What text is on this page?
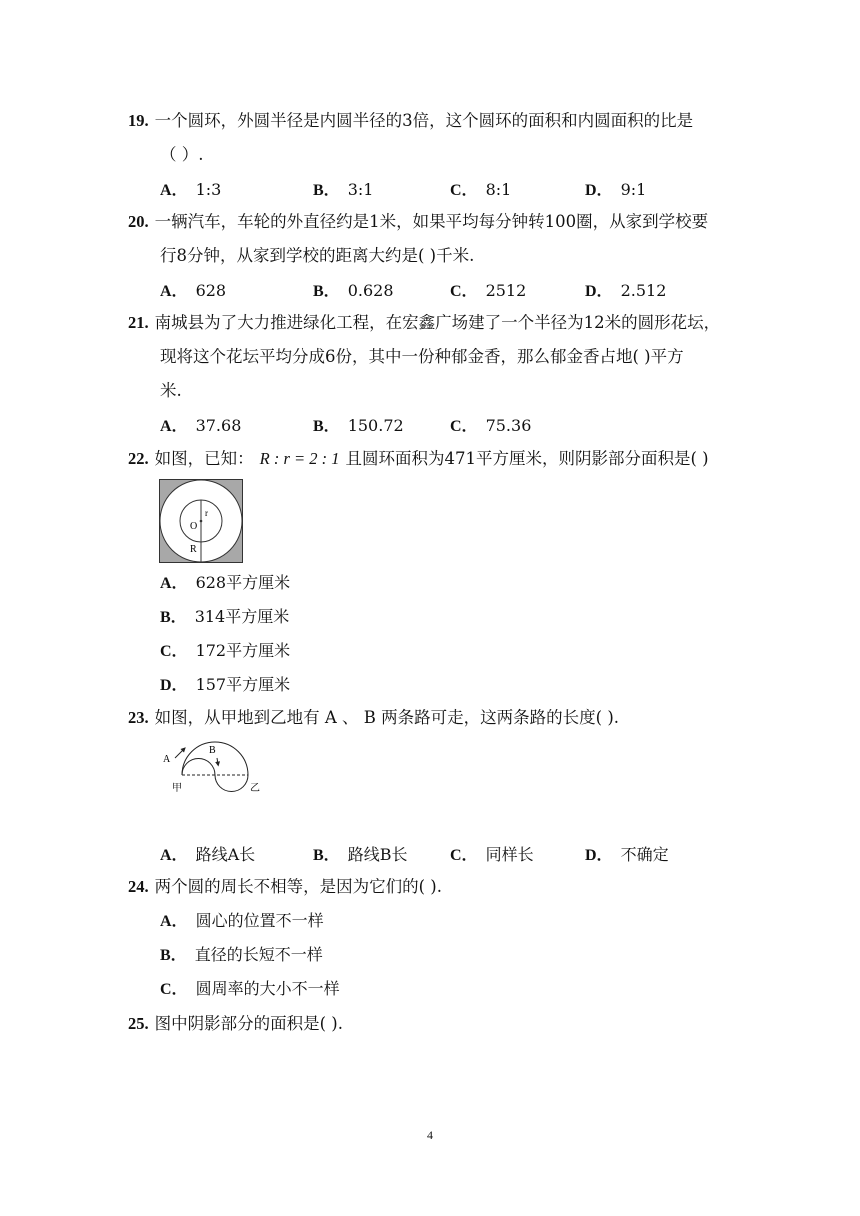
19. 一个圆环，外圆半径是内圆半径的3倍，这个圆环的面积和内圆面积的比是
（ ）.
A． 1:3	B． 3:1	C． 8:1	D． 9:1
20. 一辆汽车，车轮的外直径约是1米，如果平均每分钟转100圈，从家到学校要
行8分钟，从家到学校的距离大约是( )千米.
A． 628	B． 0.628	C． 2512	D． 2.512
21. 南城县为了大力推进绿化工程，在宏鑫广场建了一个半径为12米的圆形花坛，
现将这个花坛平均分成6份，其中一份种郁金香，那么郁金香占地( )平方
米.
A． 37.68	B． 150.72	C． 75.36
22. 如图，已知： R : r = 2 : 1 且圆环面积为471平方厘米，则阴影部分面积是( )
O
r
R
A． 628平方厘米
B． 314平方厘米
C． 172平方厘米
D． 157平方厘米
23. 如图，从甲地到乙地有 A 、 B 两条路可走，这两条路的长度( ).
A
B
甲	乙
A． 路线A长	B． 路线B长	C． 同样长	D． 不确定
24. 两个圆的周长不相等，是因为它们的( ).
A． 圆心的位置不一样
B． 直径的长短不一样
C． 圆周率的大小不一样
25. 图中阴影部分的面积是( ).
4
